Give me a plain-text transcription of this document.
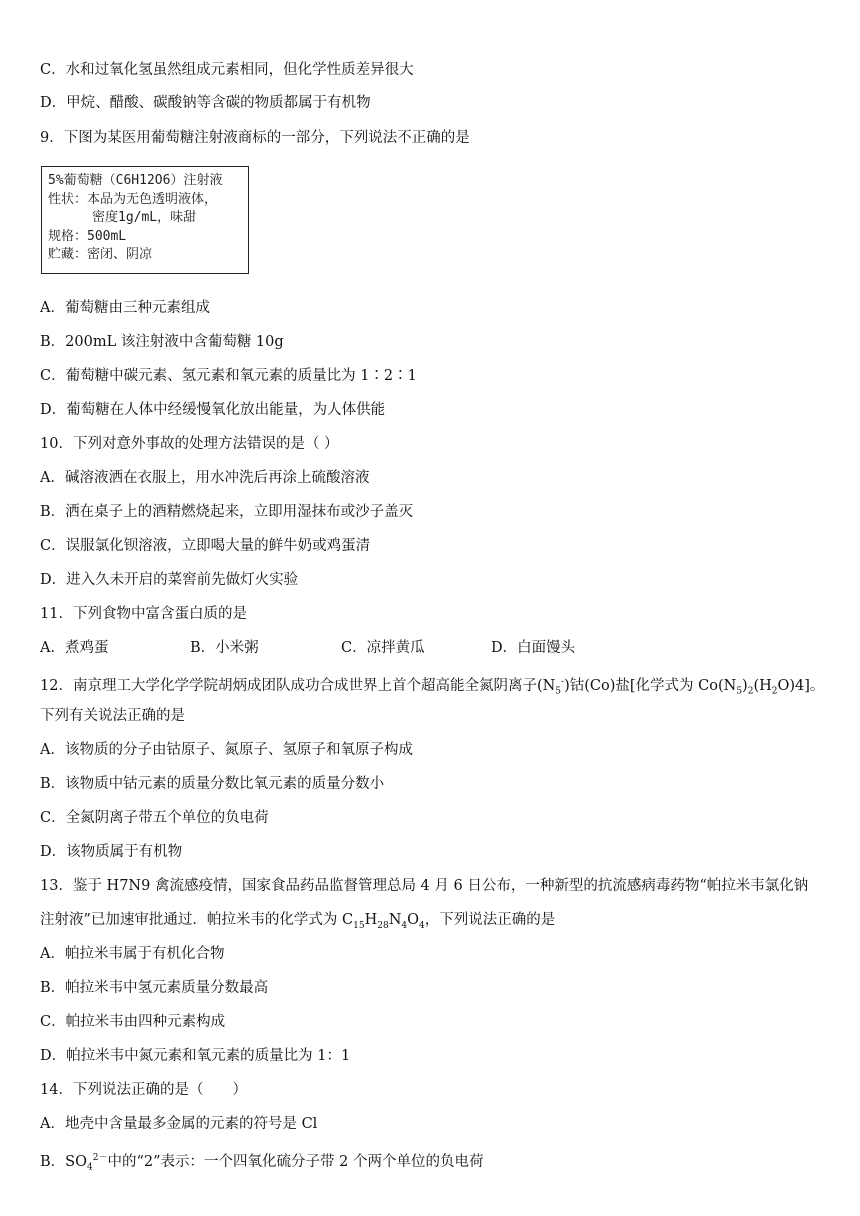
C．水和过氧化氢虽然组成元素相同，但化学性质差异很大
D．甲烷、醋酸、碳酸钠等含碳的物质都属于有机物
9．下图为某医用葡萄糖注射液商标的一部分，下列说法不正确的是
5%葡萄糖（C6H12O6）注射液
性状：本品为无色透明液体，
密度1g/mL，味甜
规格：500mL
贮藏：密闭、阴凉
A．葡萄糖由三种元素组成
B．200mL 该注射液中含葡萄糖 10g
C．葡萄糖中碳元素、氢元素和氧元素的质量比为 1∶2∶1
D．葡萄糖在人体中经缓慢氧化放出能量，为人体供能
10．下列对意外事故的处理方法错误的是（ ）
A．碱溶液洒在衣服上，用水冲洗后再涂上硫酸溶液
B．洒在桌子上的酒精燃烧起来，立即用湿抹布或沙子盖灭
C．误服氯化钡溶液，立即喝大量的鲜牛奶或鸡蛋清
D．进入久未开启的菜窖前先做灯火实验
11．下列食物中富含蛋白质的是
A．煮鸡蛋	B．小米粥	C．凉拌黄瓜	D．白面馒头
12．南京理工大学化学学院胡炳成团队成功合成世界上首个超高能全氮阴离子$(N_5^-)$钴(Co)盐[化学式为 $Co(N_5)_2(H_2O)4$]。
下列有关说法正确的是
A．该物质的分子由钴原子、氮原子、氢原子和氧原子构成
B．该物质中钴元素的质量分数比氧元素的质量分数小
C．全氮阴离子带五个单位的负电荷
D．该物质属于有机物
13．鉴于 H7N9 禽流感疫情，国家食品药品监督管理总局 4 月 6 日公布，一种新型的抗流感病毒药物“帕拉米韦氯化钠
注射液”已加速审批通过．帕拉米韦的化学式为 $C_{15}H_{28}N_4O_4$，下列说法正确的是
A．帕拉米韦属于有机化合物
B．帕拉米韦中氢元素质量分数最高
C．帕拉米韦由四种元素构成
D．帕拉米韦中氮元素和氧元素的质量比为 1：1
14．下列说法正确的是（　　）
A．地壳中含量最多金属的元素的符号是 Cl
B．$SO_4^{2-}$中的“2”表示：一个四氧化硫分子带 2 个两个单位的负电荷
